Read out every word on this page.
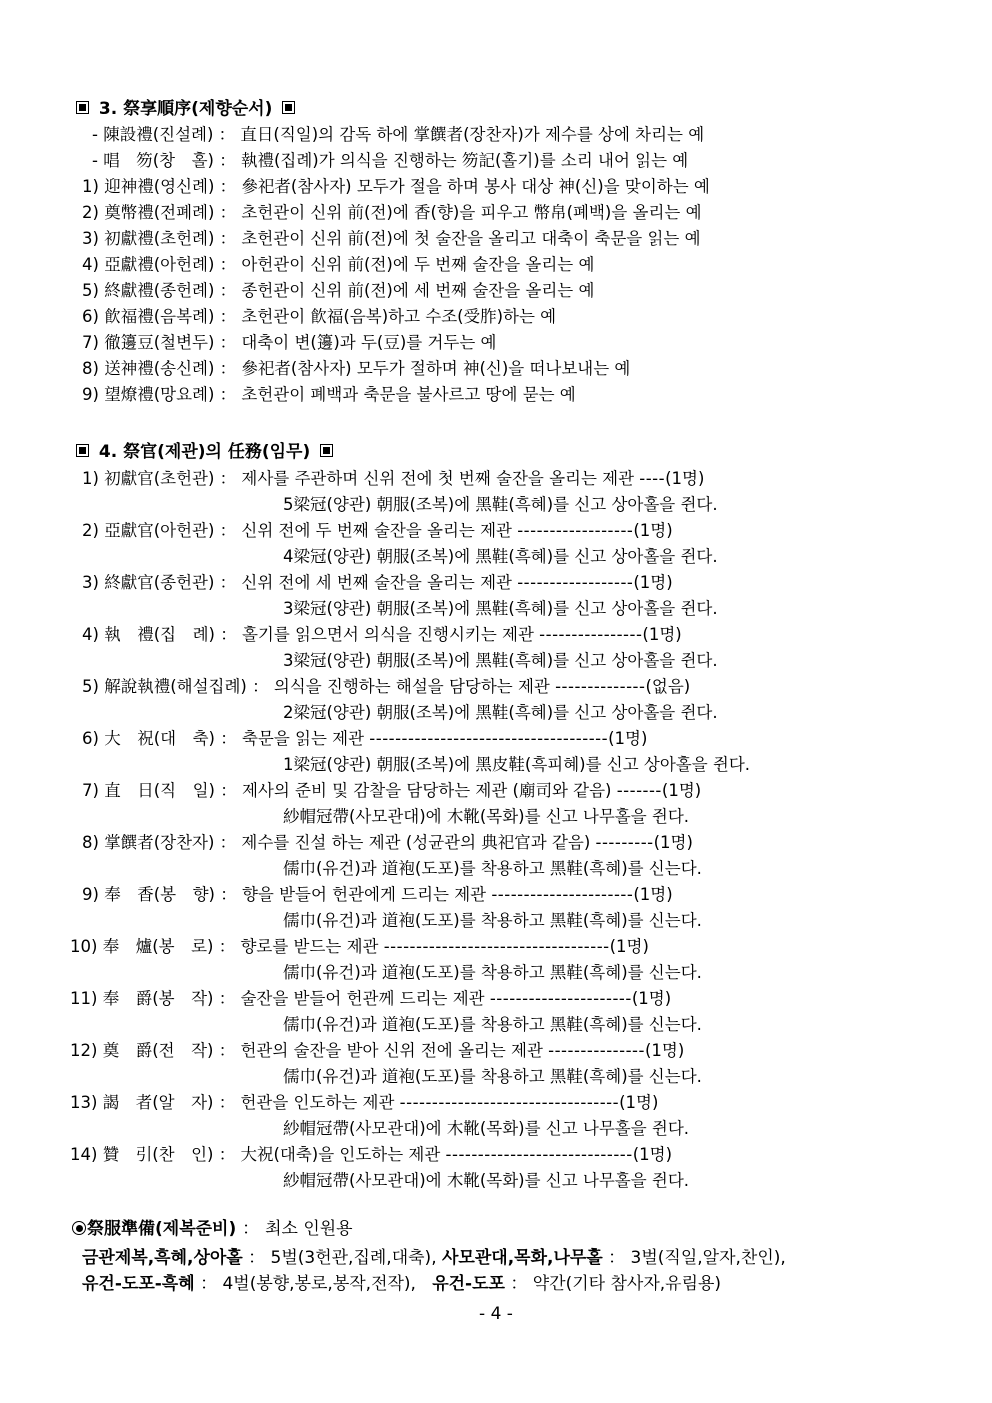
3. 祭享順序(제향순서)
- 陳設禮(진설례) ： 直日(직일)의 감독 하에 掌饌者(장찬자)가 제수를 상에 차리는 예
- 唱　笏(창　홀) ： 執禮(집례)가 의식을 진행하는 笏記(홀기)를 소리 내어 읽는 예
1) 迎神禮(영신례) ： 參祀者(참사자) 모두가 절을 하며 봉사 대상 神(신)을 맞이하는 예
2) 奠幣禮(전폐례) ： 초헌관이 신위 前(전)에 香(향)을 피우고 幣帛(폐백)을 올리는 예
3) 初獻禮(초헌례) ： 초헌관이 신위 前(전)에 첫 술잔을 올리고 대축이 축문을 읽는 예
4) 亞獻禮(아헌례) ： 아헌관이 신위 前(전)에 두 번째 술잔을 올리는 예
5) 終獻禮(종헌례) ： 종헌관이 신위 前(전)에 세 번째 술잔을 올리는 예
6) 飮福禮(음복례) ： 초헌관이 飮福(음복)하고 수조(受胙)하는 예
7) 徹籩豆(철변두) ： 대축이 변(籩)과 두(豆)를 거두는 예
8) 送神禮(송신례) ： 參祀者(참사자) 모두가 절하며 神(신)을 떠나보내는 예
9) 望燎禮(망요례) ： 초헌관이 폐백과 축문을 불사르고 땅에 묻는 예
4. 祭官(제관)의 任務(임무)
1) 初獻官(초헌관) ： 제사를 주관하며 신위 전에 첫 번째 술잔을 올리는 제관 ----(1명)
5梁冠(양관) 朝服(조복)에 黑鞋(흑혜)를 신고 상아홀을 쥔다.
2) 亞獻官(아헌관) ： 신위 전에 두 번째 술잔을 올리는 제관 ------------------(1명)
4梁冠(양관) 朝服(조복)에 黑鞋(흑혜)를 신고 상아홀을 쥔다.
3) 終獻官(종헌관) ： 신위 전에 세 번째 술잔을 올리는 제관 ------------------(1명)
3梁冠(양관) 朝服(조복)에 黑鞋(흑혜)를 신고 상아홀을 쥔다.
4) 執　禮(집　례) ： 홀기를 읽으면서 의식을 진행시키는 제관 ----------------(1명)
3梁冠(양관) 朝服(조복)에 黑鞋(흑혜)를 신고 상아홀을 쥔다.
5) 解說執禮(해설집례) ： 의식을 진행하는 해설을 담당하는 제관 --------------(없음)
2梁冠(양관) 朝服(조복)에 黑鞋(흑혜)를 신고 상아홀을 쥔다.
6) 大　祝(대　축) ： 축문을 읽는 제관 -------------------------------------(1명)
1梁冠(양관) 朝服(조복)에 黑皮鞋(흑피혜)를 신고 상아홀을 쥔다.
7) 直　日(직　일) ： 제사의 준비 및 감찰을 담당하는 제관 (廟司와 같음) -------(1명)
紗帽冠帶(사모관대)에 木靴(목화)를 신고 나무홀을 쥔다.
8) 掌饌者(장찬자) ： 제수를 진설 하는 제관 (성균관의 典祀官과 같음) ---------(1명)
儒巾(유건)과 道袍(도포)를 착용하고 黑鞋(흑혜)를 신는다.
9) 奉　香(봉　향) ： 향을 받들어 헌관에게 드리는 제관 ----------------------(1명)
儒巾(유건)과 道袍(도포)를 착용하고 黑鞋(흑혜)를 신는다.
10) 奉　爐(봉　로) ： 향로를 받드는 제관 -----------------------------------(1명)
儒巾(유건)과 道袍(도포)를 착용하고 黑鞋(흑혜)를 신는다.
11) 奉　爵(봉　작) ： 술잔을 받들어 헌관께 드리는 제관 ----------------------(1명)
儒巾(유건)과 道袍(도포)를 착용하고 黑鞋(흑혜)를 신는다.
12) 奠　爵(전　작) ： 헌관의 술잔을 받아 신위 전에 올리는 제관 ---------------(1명)
儒巾(유건)과 道袍(도포)를 착용하고 黑鞋(흑혜)를 신는다.
13) 謁　者(알　자) ： 헌관을 인도하는 제관 ----------------------------------(1명)
紗帽冠帶(사모관대)에 木靴(목화)를 신고 나무홀을 쥔다.
14) 贊　引(찬　인) ： 大祝(대축)을 인도하는 제관 -----------------------------(1명)
紗帽冠帶(사모관대)에 木靴(목화)를 신고 나무홀을 쥔다.
祭服準備(제복준비) ： 최소 인원용
금관제복,흑혜,상아홀 ： 5벌(3헌관,집례,대축), 사모관대,목화,나무홀 ： 3벌(직일,알자,찬인),
유건-도포-흑혜 ： 4벌(봉향,봉로,봉작,전작), 유건-도포 ： 약간(기타 참사자,유림용)
- 4 -
